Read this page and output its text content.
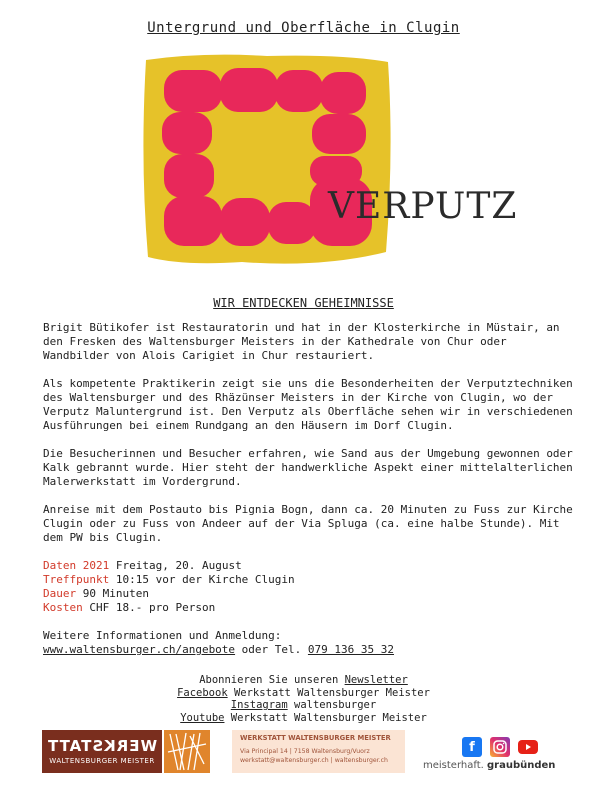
Untergrund und Oberfläche in Clugin
VERPUTZ
WIR ENTDECKEN GEHEIMNISSE

Brigit Bütikofer ist Restauratorin und hat in der Klosterkirche in Müstair, an den Fresken des Waltensburger Meisters in der Kathedrale von Chur oder Wandbilder von Alois Carigiet in Chur restauriert.

Als kompetente Praktikerin zeigt sie uns die Besonderheiten der Verputztechniken des Waltensburger und des Rhäzünser Meisters in der Kirche von Clugin, wo der Verputz Maluntergrund ist. Den Verputz als Oberfläche sehen wir in verschiedenen Ausführungen bei einem Rundgang an den Häusern im Dorf Clugin.

Die Besucherinnen und Besucher erfahren, wie Sand aus der Umgebung gewonnen oder Kalk gebrannt wurde. Hier steht der handwerkliche Aspekt einer mittelalterlichen Malerwerkstatt im Vordergrund.

Anreise mit dem Postauto bis Pignia Bogn, dann ca. 20 Minuten zu Fuss zur Kirche Clugin oder zu Fuss von Andeer auf der Via Spluga (ca. eine halbe Stunde). Mit dem PW bis Clugin.

Daten 2021 Freitag, 20. August
Treffpunkt 10:15 vor der Kirche Clugin
Dauer 90 Minuten
Kosten CHF 18.- pro Person

Weitere Informationen und Anmeldung:
www.waltensburger.ch/angebote oder Tel. 079 136 35 32

Abonnieren Sie unseren Newsletter
Facebook Werkstatt Waltensburger Meister
Instagram waltensburger
Youtube Werkstatt Waltensburger Meister
WERKSTATT
WALTENSBURGER MEISTER
WERKSTATT WALTENSBURGER MEISTER
Via Principal 14 | 7158 Waltensburg/Vuorz
werkstatt@waltensburger.ch | waltensburger.ch
f
meisterhaft. graubünden
